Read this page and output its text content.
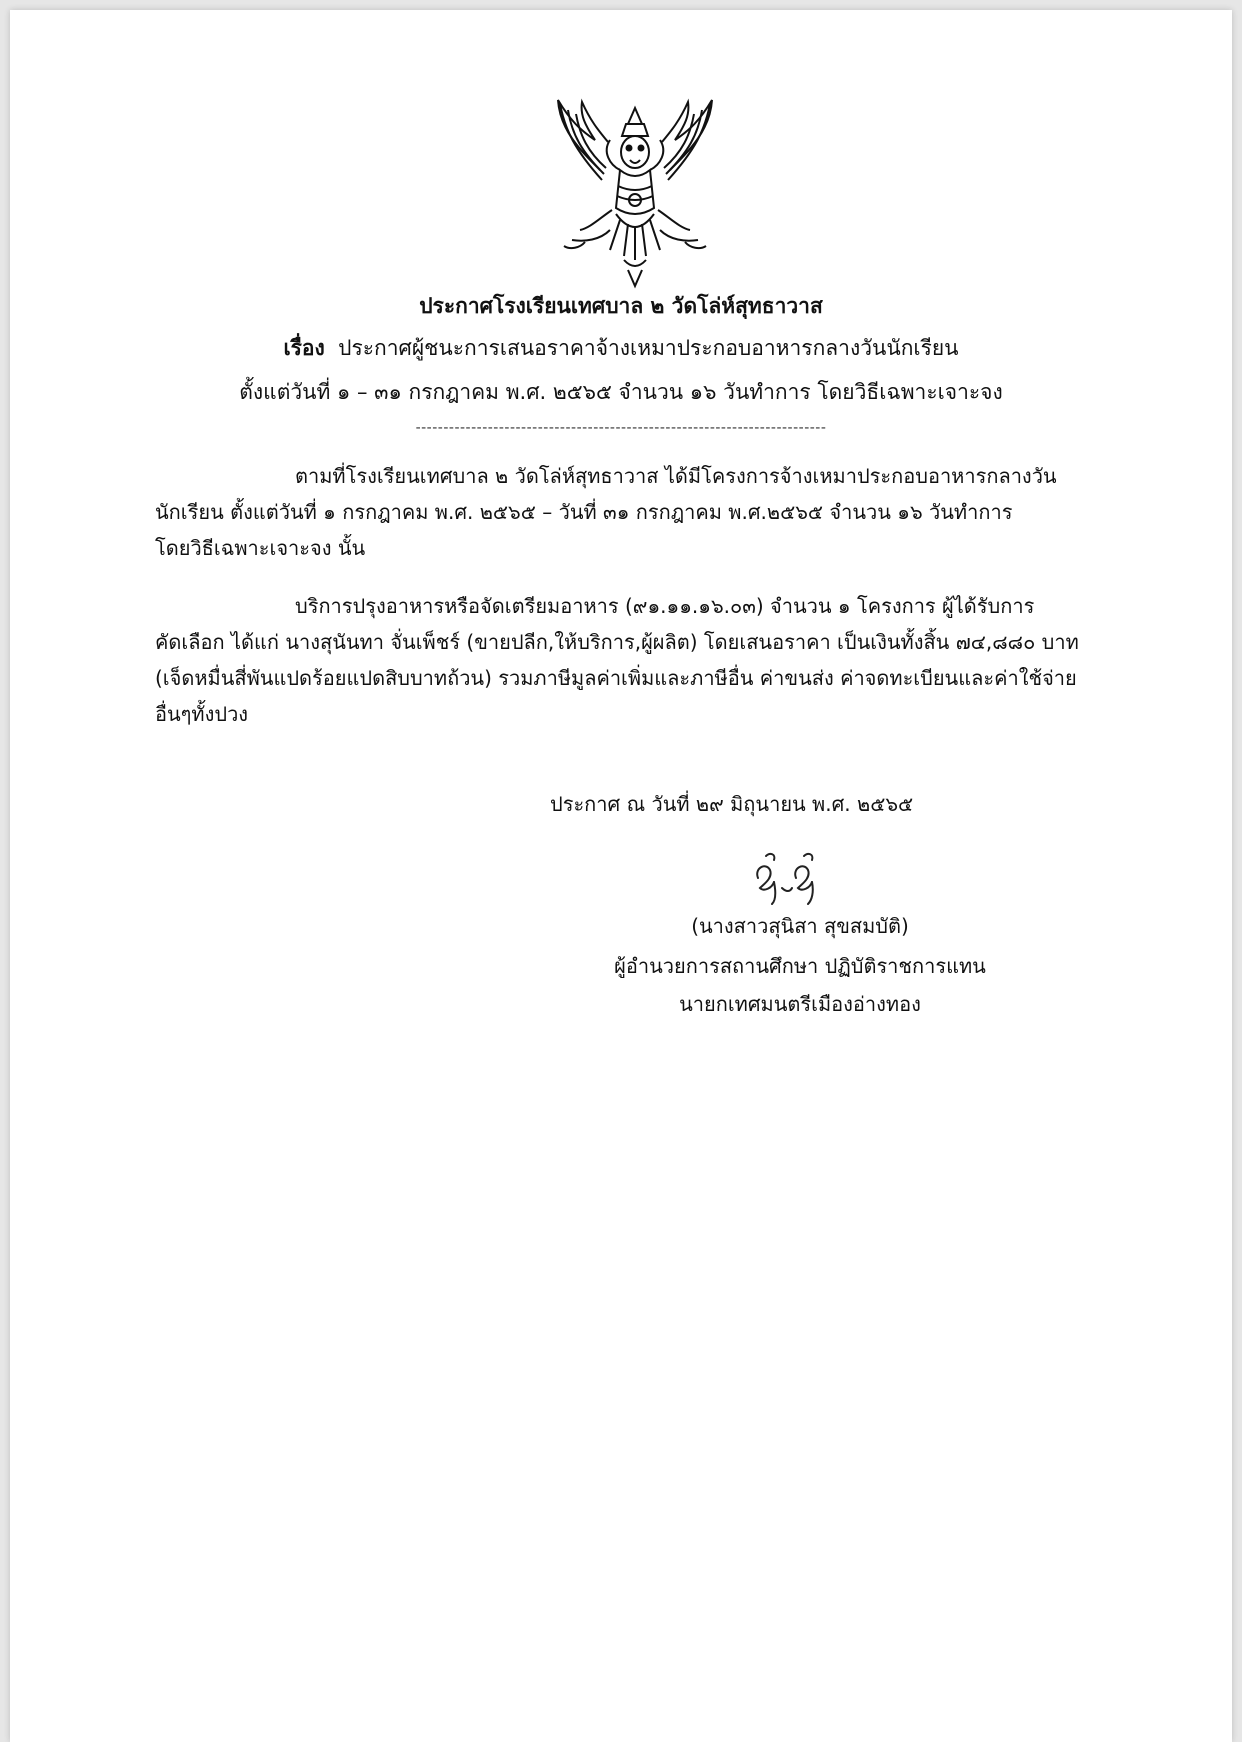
ประกาศโรงเรียนเทศบาล ๒ วัดโล่ห์สุทธาวาส
เรื่อง ประกาศผู้ชนะการเสนอราคาจ้างเหมาประกอบอาหารกลางวันนักเรียน
ตั้งแต่วันที่ ๑ – ๓๑ กรกฎาคม พ.ศ. ๒๕๖๕ จำนวน ๑๖ วันทำการ โดยวิธีเฉพาะเจาะจง
--------------------------------------------------------------------------
ตามที่โรงเรียนเทศบาล ๒ วัดโล่ห์สุทธาวาส ได้มีโครงการจ้างเหมาประกอบอาหารกลางวัน
นักเรียน ตั้งแต่วันที่ ๑ กรกฎาคม พ.ศ. ๒๕๖๕ – วันที่ ๓๑ กรกฎาคม พ.ศ.๒๕๖๕ จำนวน ๑๖ วันทำการ
โดยวิธีเฉพาะเจาะจง นั้น
บริการปรุงอาหารหรือจัดเตรียมอาหาร (๙๑.๑๑.๑๖.๐๓) จำนวน ๑ โครงการ ผู้ได้รับการ
คัดเลือก ได้แก่ นางสุนันทา จั่นเพ็ชร์ (ขายปลีก,ให้บริการ,ผู้ผลิต) โดยเสนอราคา เป็นเงินทั้งสิ้น ๗๔,๘๘๐ บาท
(เจ็ดหมื่นสี่พันแปดร้อยแปดสิบบาทถ้วน) รวมภาษีมูลค่าเพิ่มและภาษีอื่น ค่าขนส่ง ค่าจดทะเบียนและค่าใช้จ่าย
อื่นๆทั้งปวง
ประกาศ ณ วันที่ ๒๙ มิถุนายน พ.ศ. ๒๕๖๕
(นางสาวสุนิสา สุขสมบัติ)
ผู้อำนวยการสถานศึกษา ปฏิบัติราชการแทน
นายกเทศมนตรีเมืองอ่างทอง
